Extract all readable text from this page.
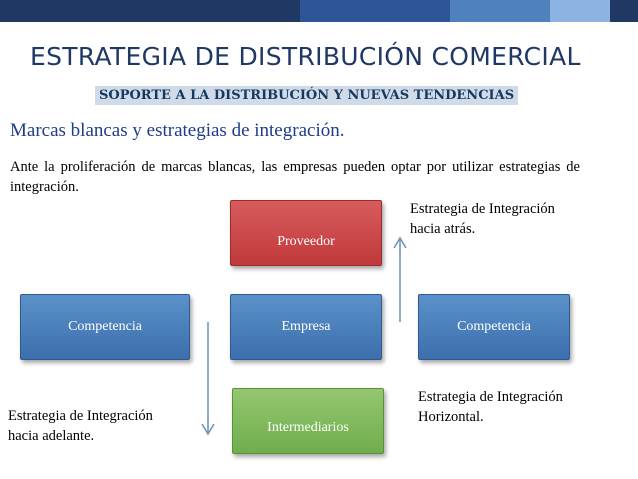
ESTRATEGIA DE DISTRIBUCIÓN COMERCIAL
SOPORTE A LA DISTRIBUCIÓN Y NUEVAS TENDENCIAS
Marcas blancas y estrategias de integración.
Ante la proliferación de marcas blancas, las empresas pueden optar por utilizar estrategias de integración.
Proveedor
Competencia	Empresa	Competencia
Intermediarios
Estrategia de Integración
hacia atrás.
Estrategia de Integración
Horizontal.
Estrategia de Integración
hacia adelante.
